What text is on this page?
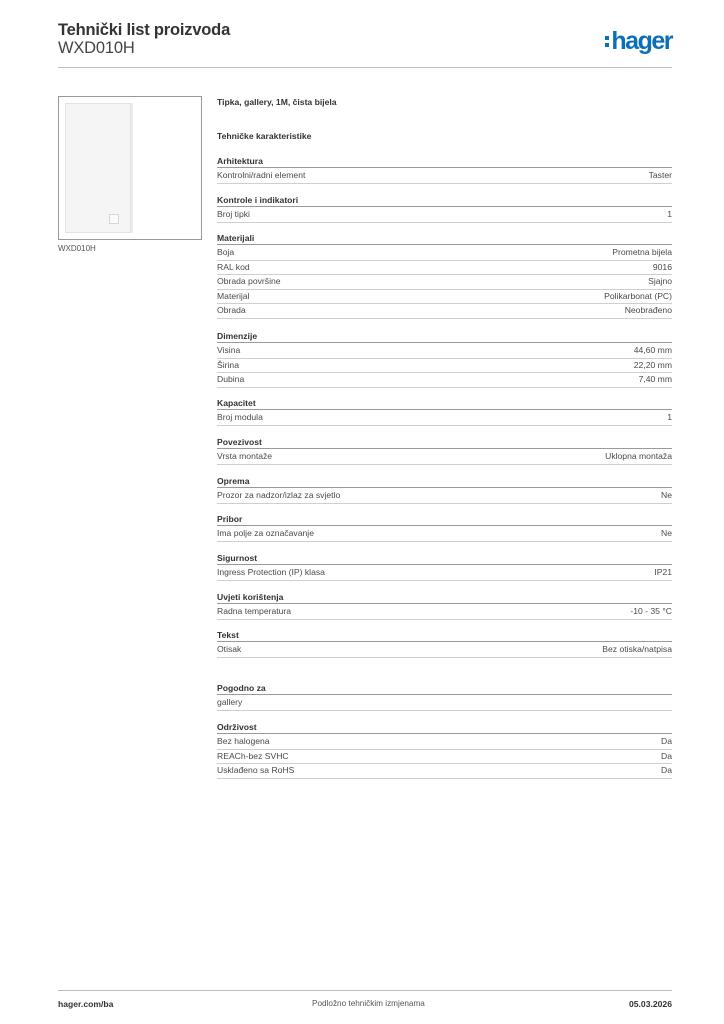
Tehnički list proizvoda
WXD010H	hager
WXD010H
Tipka, gallery, 1M, čista bijela
Tehničke karakteristike
Arhitektura
Kontrolni/radni element	Taster
Kontrole i indikatori
Broj tipki	1
Materijali
Boja	Prometna bijela
RAL kod	9016
Obrada površine	Sjajno
Materijal	Polikarbonat (PC)
Obrada	Neobrađeno
Dimenzije
Visina	44,60 mm
Širina	22,20 mm
Dubina	7,40 mm
Kapacitet
Broj modula	1
Povezivost
Vrsta montaže	Uklopna montaža
Oprema
Prozor za nadzor/izlaz za svjetlo	Ne
Pribor
Ima polje za označavanje	Ne
Sigurnost
Ingress Protection (IP) klasa	IP21
Uvjeti korištenja
Radna temperatura	-10 - 35 °C
Tekst
Otisak	Bez otiska/natpisa
Pogodno za
gallery
Održivost
Bez halogena	Da
REACh-bez SVHC	Da
Usklađeno sa RoHS	Da
hager.com/ba	Podložno tehničkim izmjenama	05.03.2026
